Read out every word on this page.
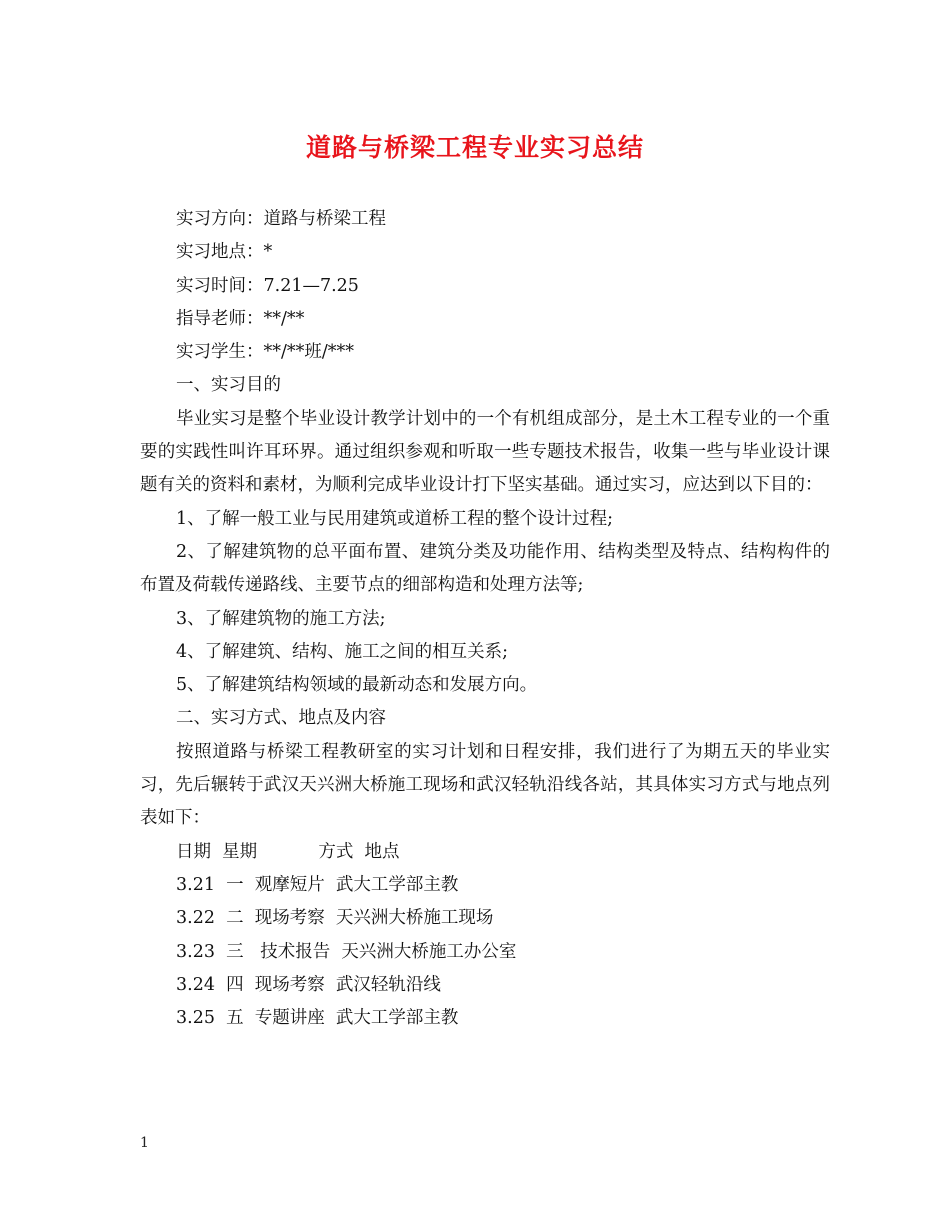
道路与桥梁工程专业实习总结
实习方向：道路与桥梁工程
实习地点：*
实习时间：7.21—7.25
指导老师：**/**
实习学生：**/**班/***
一、实习目的
毕业实习是整个毕业设计教学计划中的一个有机组成部分，是土木工程专业的一个重要的实践性叫许耳环界。通过组织参观和听取一些专题技术报告，收集一些与毕业设计课题有关的资料和素材，为顺利完成毕业设计打下坚实基础。通过实习，应达到以下目的：
1、了解一般工业与民用建筑或道桥工程的整个设计过程;
2、了解建筑物的总平面布置、建筑分类及功能作用、结构类型及特点、结构构件的布置及荷载传递路线、主要节点的细部构造和处理方法等;
3、了解建筑物的施工方法;
4、了解建筑、结构、施工之间的相互关系;
5、了解建筑结构领域的最新动态和发展方向。
二、实习方式、地点及内容
按照道路与桥梁工程教研室的实习计划和日程安排，我们进行了为期五天的毕业实习，先后辗转于武汉天兴洲大桥施工现场和武汉轻轨沿线各站，其具体实习方式与地点列表如下：
日期  星期           方式  地点
3.21  一  观摩短片  武大工学部主教
3.22  二  现场考察  天兴洲大桥施工现场
3.23  三   技术报告  天兴洲大桥施工办公室
3.24  四  现场考察  武汉轻轨沿线
3.25  五  专题讲座  武大工学部主教
1
